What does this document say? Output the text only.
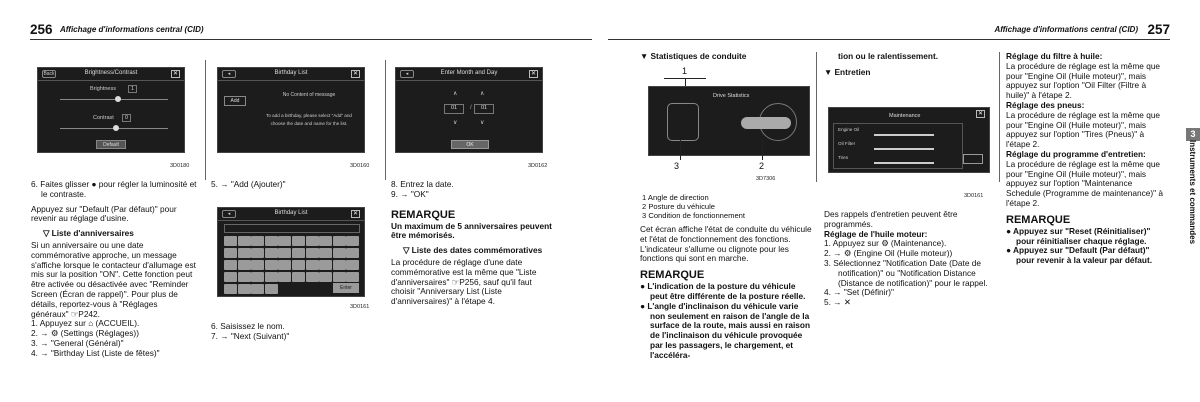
256 Affichage d'informations central (CID)
Back	Brightness/Contrast	✕
Brightness	1
Contrast	0
Default
3D0180

6. Faites glisser ● pour régler la luminosité et le contraste.

Appuyez sur "Default (Par défaut)" pour revenir au réglage d'usine.

▽ Liste d'anniversaires

Si un anniversaire ou une date commémorative approche, un message s'affiche lorsque le contacteur d'allumage est mis sur la position "ON". Cette fonction peut être activée ou désactivée avec "Reminder Screen (Écran de rappel)". Pour plus de détails, reportez-vous à "Réglages généraux" ☞P242.

1. Appuyez sur ⌂ (ACCUEIL).

2. → ⚙ (Settings (Réglages))

3. → "General (Général)"

4. → "Birthday List (Liste de fêtes)"

◂	Birthday List	✕
Add
No Content of message
To add a birthday, please select "Add" and
choose the date and name for the list.
3D0160

5. → "Add (Ajouter)"

◂	Birthday List	✕
Enter
3D0161

6. Saisissez le nom.

7. → "Next (Suivant)"

◂	Enter Month and Day	✕
∧	∧
01	/	01
∨	∨
OK
3D0162

8. Entrez la date.

9. → "OK"

REMARQUE

Un maximum de 5 anniversaires peuvent être mémorisés.

▽ Liste des dates commémoratives

La procédure de réglage d'une date commémorative est la même que "Liste d'anniversaires" ☞P256, sauf qu'il faut choisir "Anniversary List (Liste d'anniversaires)" à l'étape 4.

Affichage d'informations central (CID) 257

▼ Statistiques de conduite

1
3	2
Drive Statistics
3D7306

1 Angle de direction

2 Posture du véhicule

3 Condition de fonctionnement

Cet écran affiche l'état de conduite du véhicule et l'état de fonctionnement des fonctions. L'indicateur s'allume ou clignote pour les fonctions qui sont en marche.

REMARQUE

● L'indication de la posture du véhicule peut être différente de la posture réelle.

● L'angle d'inclinaison du véhicule varie non seulement en raison de l'angle de la surface de la route, mais aussi en raison de l'inclinaison du véhicule provoquée par les passagers, le chargement, et l'accéléra-

tion ou le ralentissement.

▼ Entretien

Maintenance	✕
Engine Oil
Oil Filter
Tires
3D0161

Des rappels d'entretien peuvent être programmés.

Réglage de l'huile moteur:

1. Appuyez sur ⚙ (Maintenance).

2. → ⚙ (Engine Oil (Huile moteur))

3. Sélectionnez "Notification Date (Date de notification)" ou "Notification Distance (Distance de notification)" pour le rappel.

4. → "Set (Définir)"

5. → ✕

Réglage du filtre à huile:

La procédure de réglage est la même que pour "Engine Oil (Huile moteur)", mais appuyez sur l'option "Oil Filter (Filtre à huile)" à l'étape 2.

Réglage des pneus:

La procédure de réglage est la même que pour "Engine Oil (Huile moteur)", mais appuyez sur l'option "Tires (Pneus)" à l'étape 2.

Réglage du programme d'entretien:

La procédure de réglage est la même que pour "Engine Oil (Huile moteur)", mais appuyez sur l'option "Maintenance Schedule (Programme de maintenance)" à l'étape 2.

REMARQUE

● Appuyez sur "Reset (Réinitialiser)" pour réinitialiser chaque réglage.

● Appuyez sur "Default (Par défaut)" pour revenir à la valeur par défaut.

3
Instruments et commandes
